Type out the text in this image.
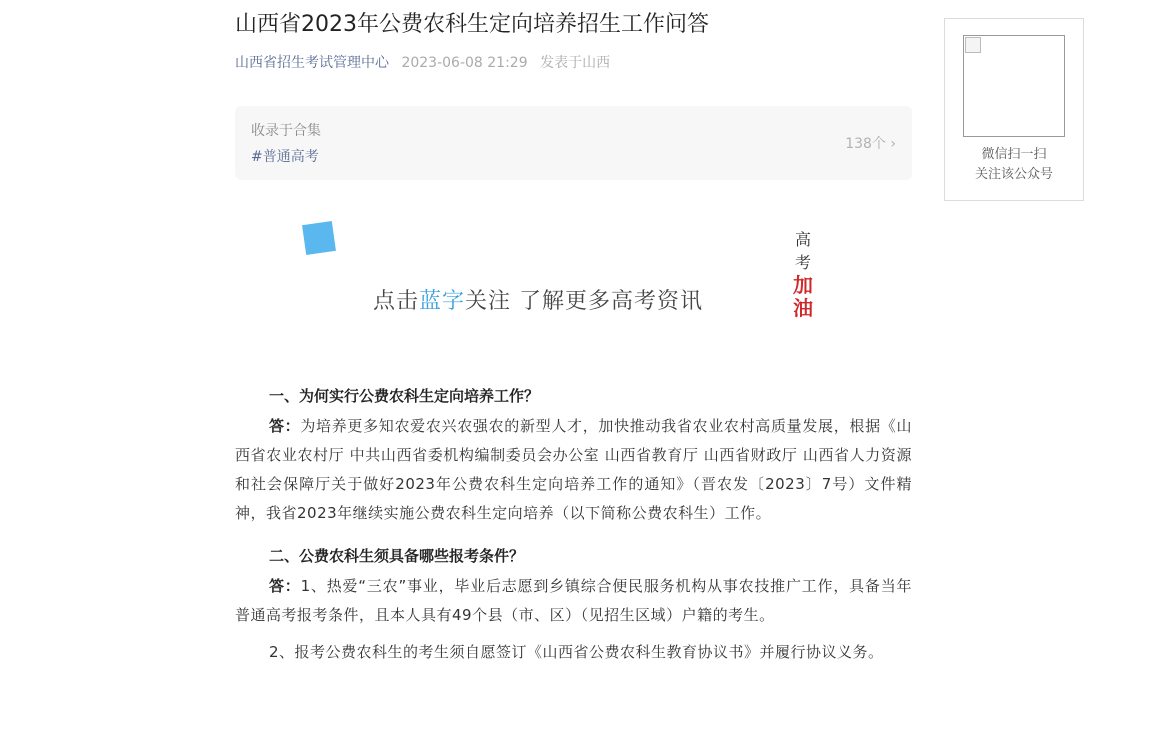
山西省2023年公费农科生定向培养招生工作问答
山西省招生考试管理中心 2023-06-08 21:29 发表于山西
收录于合集
#普通高考
138个 ›
微信扫一扫
关注该公众号
点击蓝字关注 了解更多高考资讯
高
考
加
油
一、为何实行公费农科生定向培养工作？

答：为培养更多知农爱农兴农强农的新型人才，加快推动我省农业农村高质量发展，根据《山西省农业农村厅 中共山西省委机构编制委员会办公室 山西省教育厅 山西省财政厅 山西省人力资源和社会保障厅关于做好2023年公费农科生定向培养工作的通知》（晋农发〔2023〕7号）文件精神，我省2023年继续实施公费农科生定向培养（以下简称公费农科生）工作。

二、公费农科生须具备哪些报考条件？

答：1、热爱“三农”事业，毕业后志愿到乡镇综合便民服务机构从事农技推广工作，具备当年普通高考报考条件，且本人具有49个县（市、区）（见招生区域）户籍的考生。

2、报考公费农科生的考生须自愿签订《山西省公费农科生教育协议书》并履行协议义务。
